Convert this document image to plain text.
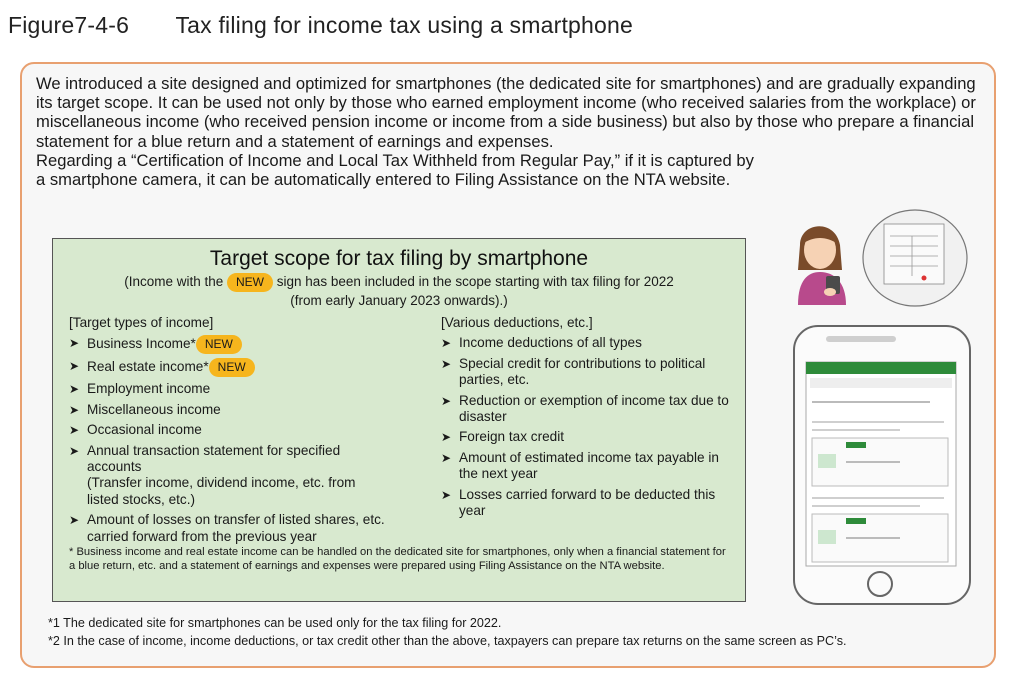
Figure7-4-6  Tax filing for income tax using a smartphone

We introduced a site designed and optimized for smartphones (the dedicated site for smartphones) and are gradually expanding its target scope. It can be used not only by those who earned employment income (who received salaries from the workplace) or miscellaneous income (who received pension income or income from a side business) but also by those who prepare a financial statement for a blue return and a statement of earnings and expenses.

Regarding a “Certification of Income and Local Tax Withheld from Regular Pay,” if it is captured by a smartphone camera, it can be automatically entered to Filing Assistance on the NTA website.

Target scope for tax filing by smartphone
(Income with the NEW sign has been included in the scope starting with tax filing for 2022
(from early January 2023 onwards).)
[Target types of income]
➤ Business Income* NEW
➤ Real estate income* NEW
➤ Employment income
➤ Miscellaneous income
➤ Occasional income
➤ Annual transaction statement for specified accounts
(Transfer income, dividend income, etc. from listed stocks, etc.)
➤ Amount of losses on transfer of listed shares, etc. carried forward from the previous year
[Various deductions, etc.]
➤ Income deductions of all types
➤ Special credit for contributions to political parties, etc.
➤ Reduction or exemption of income tax due to disaster
➤ Foreign tax credit
➤ Amount of estimated income tax payable in the next year
➤ Losses carried forward to be deducted this year
* Business income and real estate income can be handled on the dedicated site for smartphones, only when a financial statement for a blue return, etc. and a statement of earnings and expenses were prepared using Filing Assistance on the NTA website.
*1 The dedicated site for smartphones can be used only for the tax filing for 2022.
*2 In the case of income, income deductions, or tax credit other than the above, taxpayers can prepare tax returns on the same screen as PC’s.
